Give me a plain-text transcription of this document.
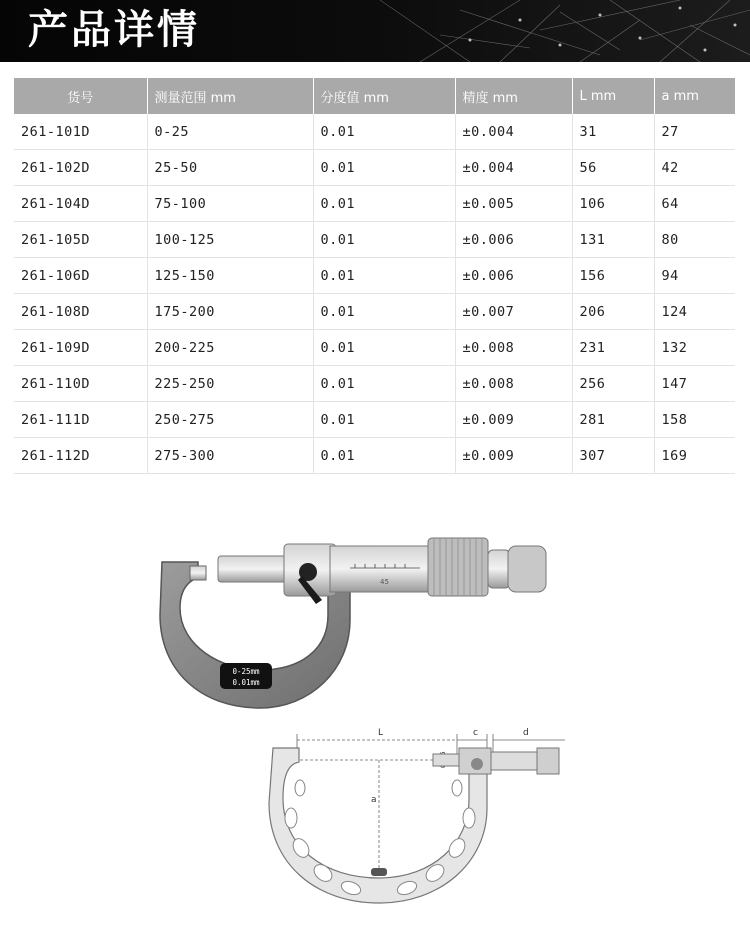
产品详情
货号	测量范围 mm	分度值 mm	精度 mm	L mm	a mm
261-101D	0-25	0.01	±0.004	31	27
261-102D	25-50	0.01	±0.004	56	42
261-104D	75-100	0.01	±0.005	106	64
261-105D	100-125	0.01	±0.006	131	80
261-106D	125-150	0.01	±0.006	156	94
261-108D	175-200	0.01	±0.007	206	124
261-109D	200-225	0.01	±0.008	231	132
261-110D	225-250	0.01	±0.008	256	147
261-111D	250-275	0.01	±0.009	281	158
261-112D	275-300	0.01	±0.009	307	169
45
0-25mm
0.01mm
L	c	d
a
